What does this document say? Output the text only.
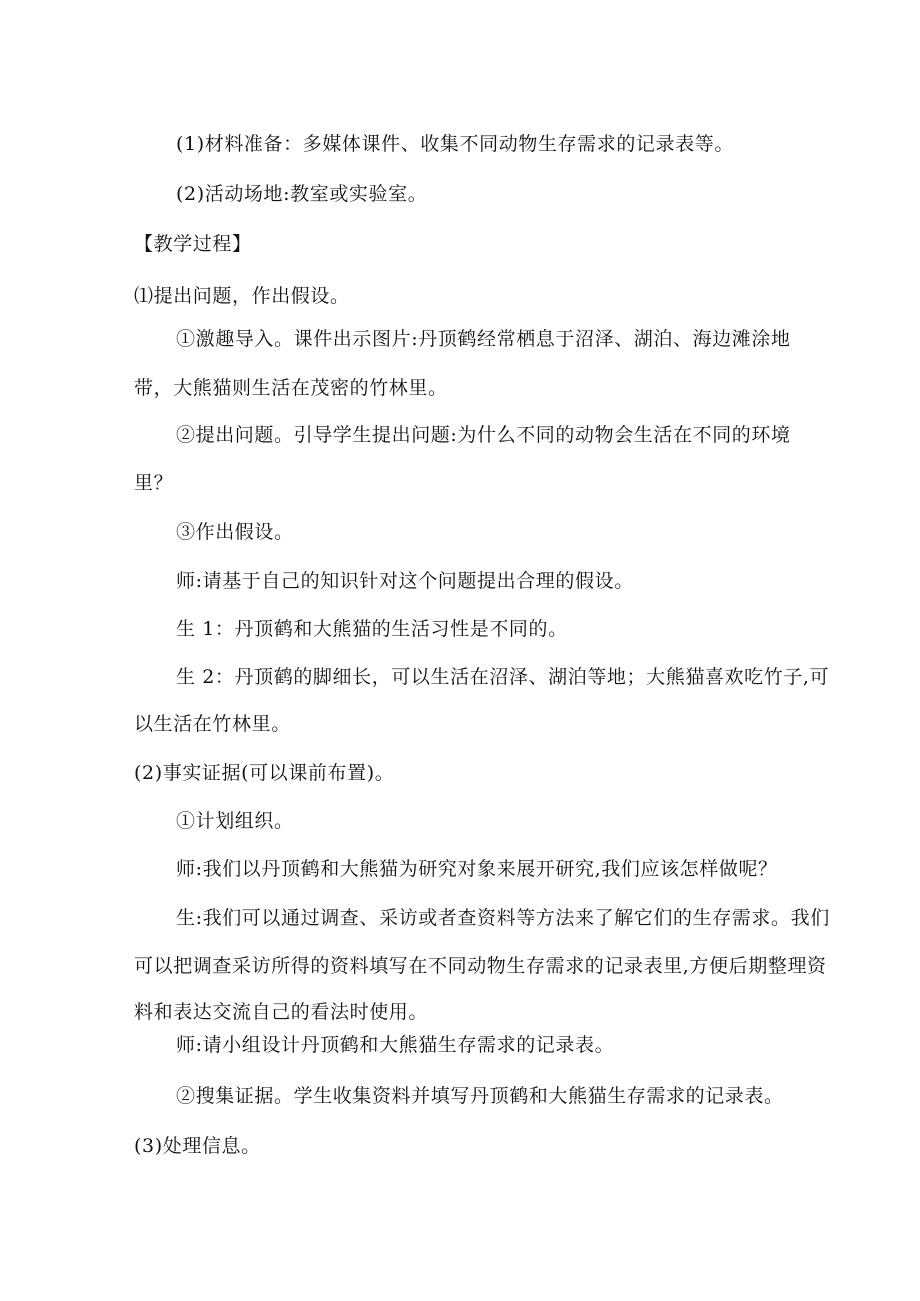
(1)材料准备：多媒体课件、收集不同动物生存需求的记录表等。
(2)活动场地:教室或实验室。
【教学过程】
⑴提出问题，作出假设。
①激趣导入。课件出示图片:丹顶鹤经常栖息于沼泽、湖泊、海边滩涂地
带，大熊猫则生活在茂密的竹林里。
②提出问题。引导学生提出问题:为什么不同的动物会生活在不同的环境
里？
③作出假设。
师:请基于自己的知识针对这个问题提出合理的假设。
生 1：丹顶鹤和大熊猫的生活习性是不同的。
生 2：丹顶鹤的脚细长，可以生活在沼泽、湖泊等地；大熊猫喜欢吃竹子,可
以生活在竹林里。
(2)事实证据(可以课前布置)。
①计划组织。
师:我们以丹顶鹤和大熊猫为研究对象来展开研究,我们应该怎样做呢？
生:我们可以通过调查、采访或者查资料等方法来了解它们的生存需求。我们
可以把调查采访所得的资料填写在不同动物生存需求的记录表里,方便后期整理资
料和表达交流自己的看法时使用。
师:请小组设计丹顶鹤和大熊猫生存需求的记录表。
②搜集证据。学生收集资料并填写丹顶鹤和大熊猫生存需求的记录表。
(3)处理信息。
